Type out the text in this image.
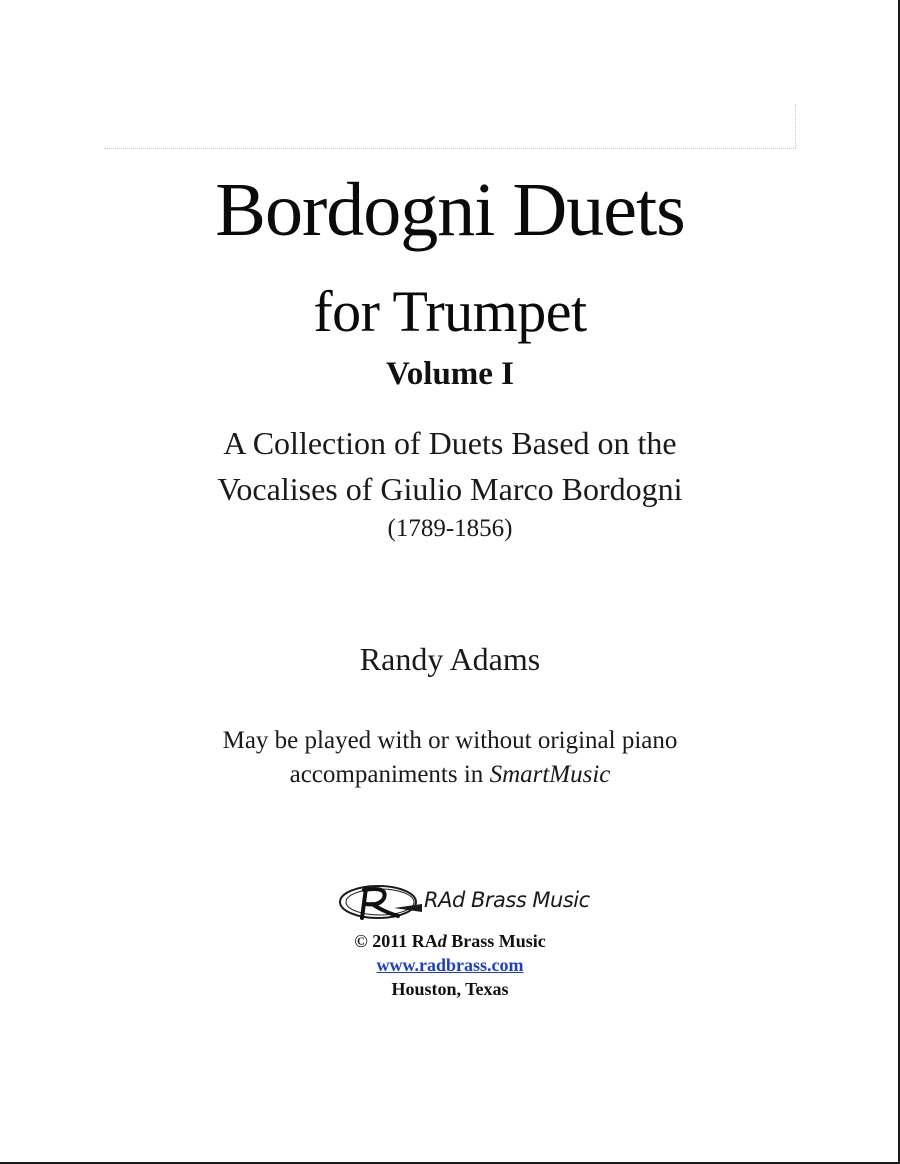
Bordogni Duets
for Trumpet
Volume I
A Collection of Duets Based on the
Vocalises of Giulio Marco Bordogni
(1789-1856)
Randy Adams
May be played with or without original piano
accompaniments in SmartMusic
RAd Brass Music
© 2011 RAd Brass Music
www.radbrass.com
Houston, Texas
